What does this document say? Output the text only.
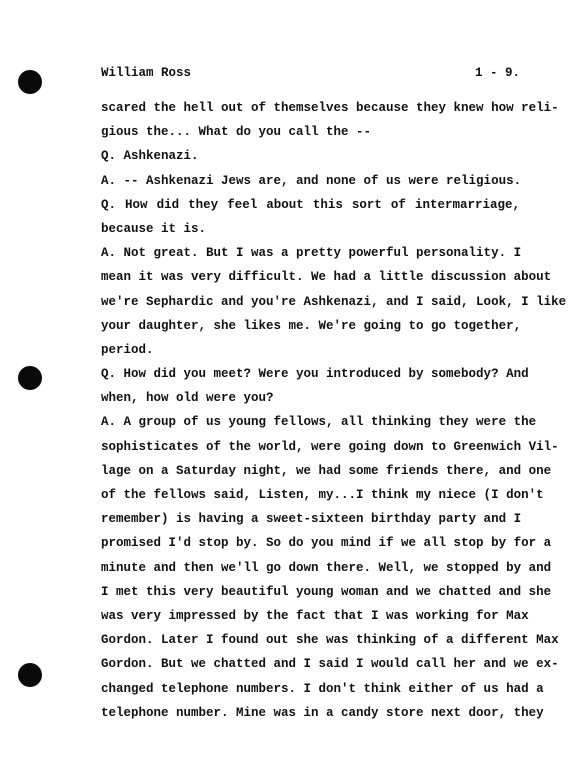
William Ross	1 - 9.
scared the hell out of themselves because they knew how reli-
gious the... What do you call the --
Q. Ashkenazi.
A. -- Ashkenazi Jews are, and none of us were religious.
Q. How did they feel about this sort of intermarriage,
because it is.
A. Not great. But I was a pretty powerful personality. I
mean it was very difficult. We had a little discussion about
we're Sephardic and you're Ashkenazi, and I said, Look, I like
your daughter, she likes me. We're going to go together,
period.
Q. How did you meet? Were you introduced by somebody? And
when, how old were you?
A. A group of us young fellows, all thinking they were the
sophisticates of the world, were going down to Greenwich Vil-
lage on a Saturday night, we had some friends there, and one
of the fellows said, Listen, my...I think my niece (I don't
remember) is having a sweet-sixteen birthday party and I
promised I'd stop by. So do you mind if we all stop by for a
minute and then we'll go down there. Well, we stopped by and
I met this very beautiful young woman and we chatted and she
was very impressed by the fact that I was working for Max
Gordon. Later I found out she was thinking of a different Max
Gordon. But we chatted and I said I would call her and we ex-
changed telephone numbers. I don't think either of us had a
telephone number. Mine was in a candy store next door, they
